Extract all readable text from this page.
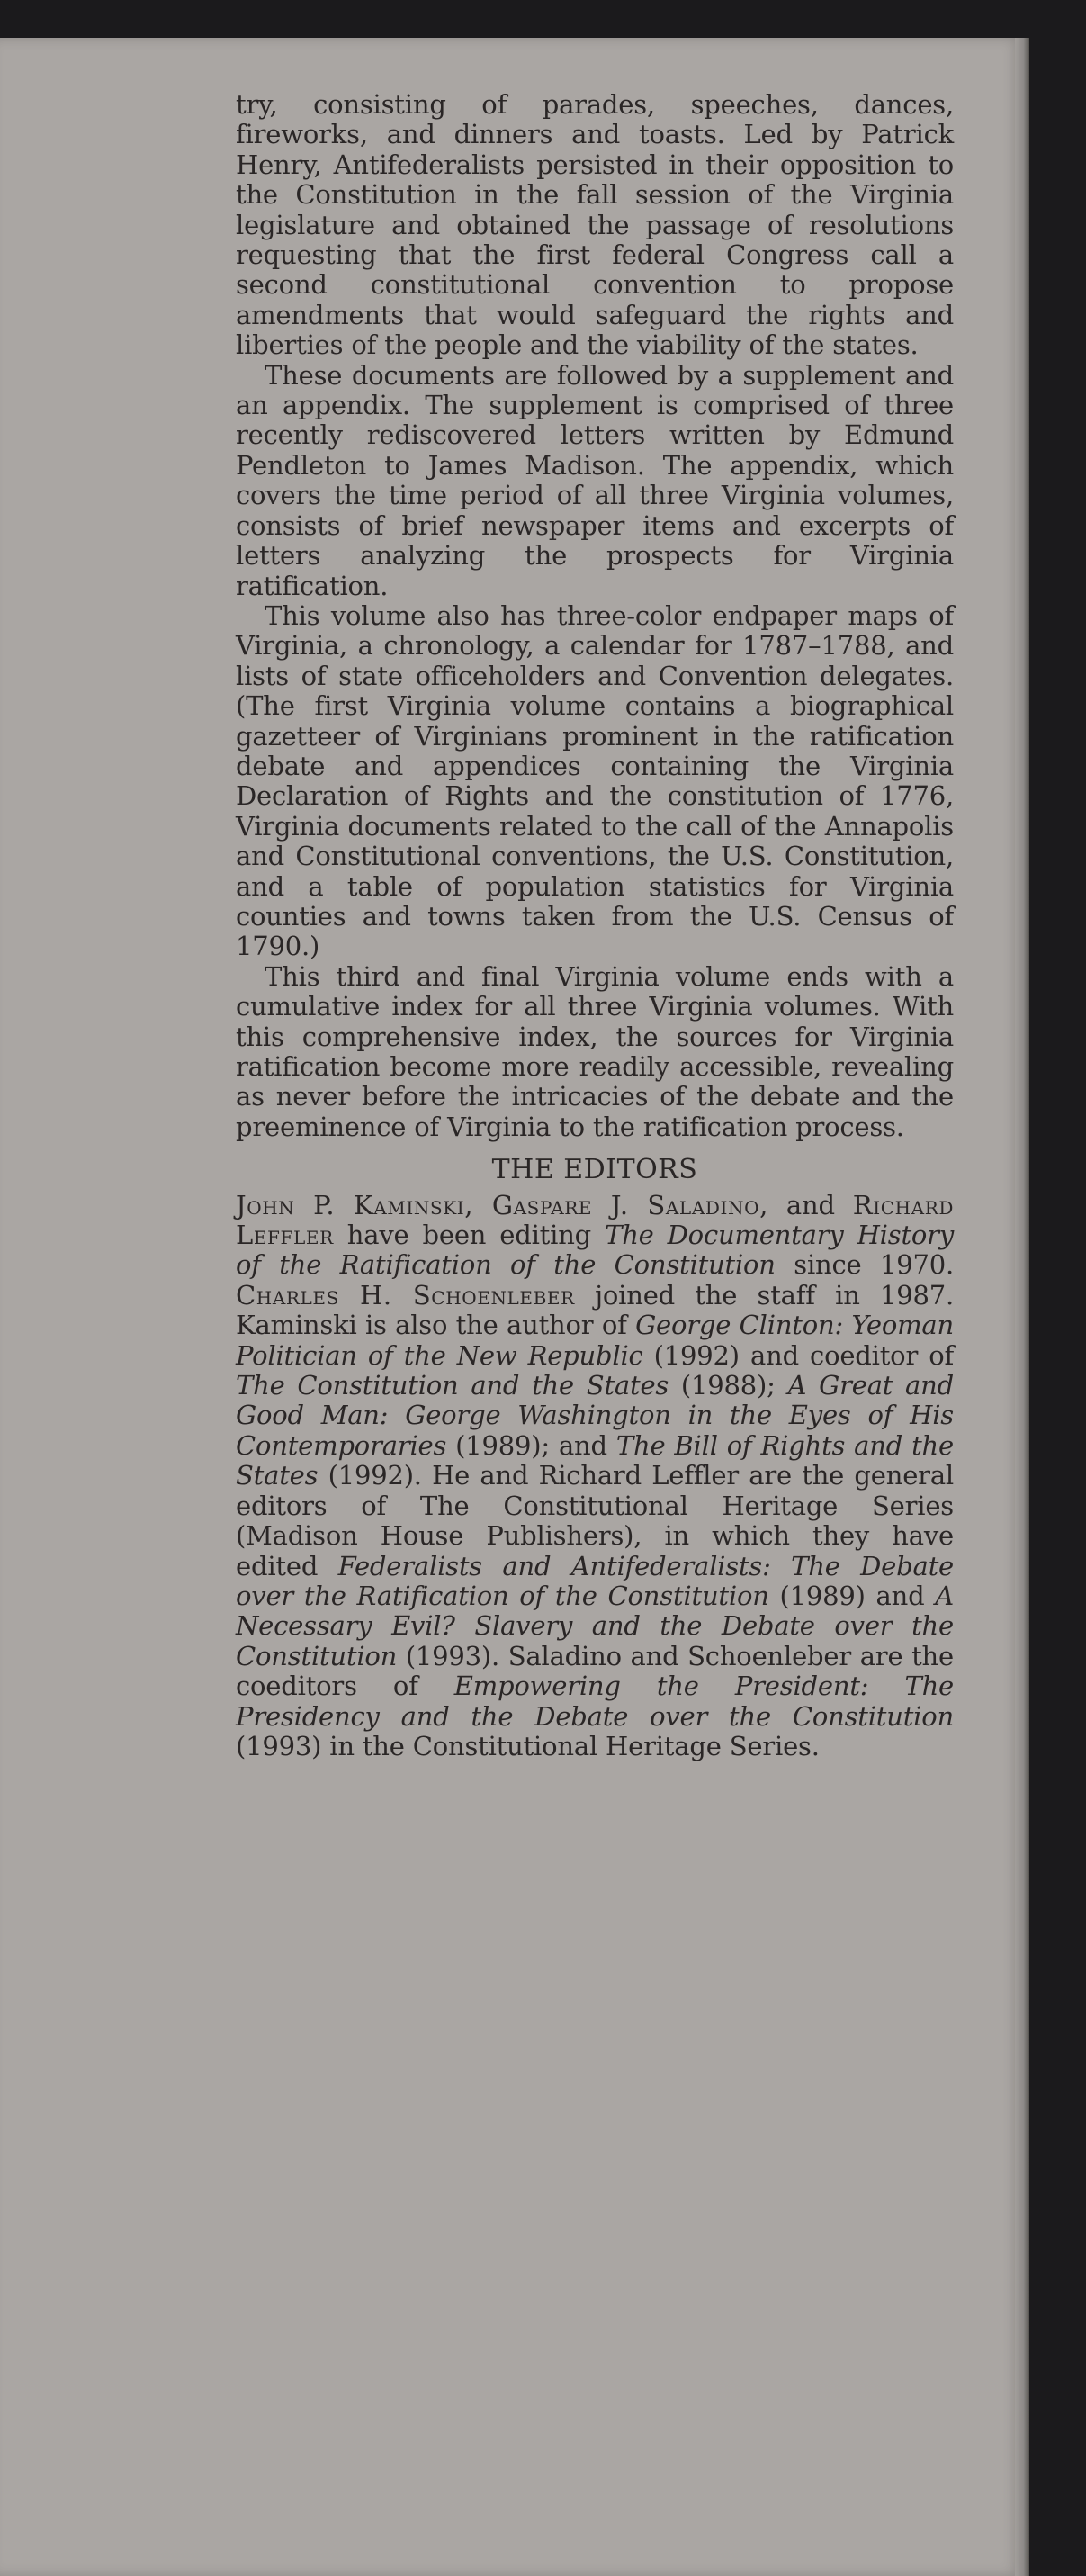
try, consisting of parades, speeches, dances, fireworks, and dinners and toasts. Led by Patrick Henry, Antifederalists persisted in their opposition to the Constitution in the fall session of the Virginia legislature and obtained the passage of resolutions requesting that the first federal Congress call a second constitutional convention to propose amendments that would safeguard the rights and liberties of the people and the viability of the states.

These documents are followed by a supplement and an appendix. The supplement is comprised of three recently rediscovered letters written by Edmund Pendleton to James Madison. The appendix, which covers the time period of all three Virginia volumes, consists of brief newspaper items and excerpts of letters analyzing the prospects for Virginia ratification.

This volume also has three-color endpaper maps of Virginia, a chronology, a calendar for 1787–1788, and lists of state officeholders and Convention delegates. (The first Virginia volume contains a biographical gazetteer of Virginians prominent in the ratification debate and appendices containing the Virginia Declaration of Rights and the constitution of 1776, Virginia documents related to the call of the Annapolis and Constitutional conventions, the U.S. Constitution, and a table of population statistics for Virginia counties and towns taken from the U.S. Census of 1790.)

This third and final Virginia volume ends with a cumulative index for all three Virginia volumes. With this comprehensive index, the sources for Virginia ratification become more readily accessible, revealing as never before the intricacies of the debate and the preeminence of Virginia to the ratification process.

THE EDITORS

John P. Kaminski, Gaspare J. Saladino, and Richard Leffler have been editing The Documentary History of the Ratification of the Constitution since 1970. Charles H. Schoenleber joined the staff in 1987. Kaminski is also the author of George Clinton: Yeoman Politician of the New Republic (1992) and coeditor of The Constitution and the States (1988); A Great and Good Man: George Washington in the Eyes of His Contemporaries (1989); and The Bill of Rights and the States (1992). He and Richard Leffler are the general editors of The Constitutional Heritage Series (Madison House Publishers), in which they have edited Federalists and Antifederalists: The Debate over the Ratification of the Constitution (1989) and A Necessary Evil? Slavery and the Debate over the Constitution (1993). Saladino and Schoenleber are the coeditors of Empowering the President: The Presidency and the Debate over the Constitution (1993) in the Constitutional Heritage Series.
